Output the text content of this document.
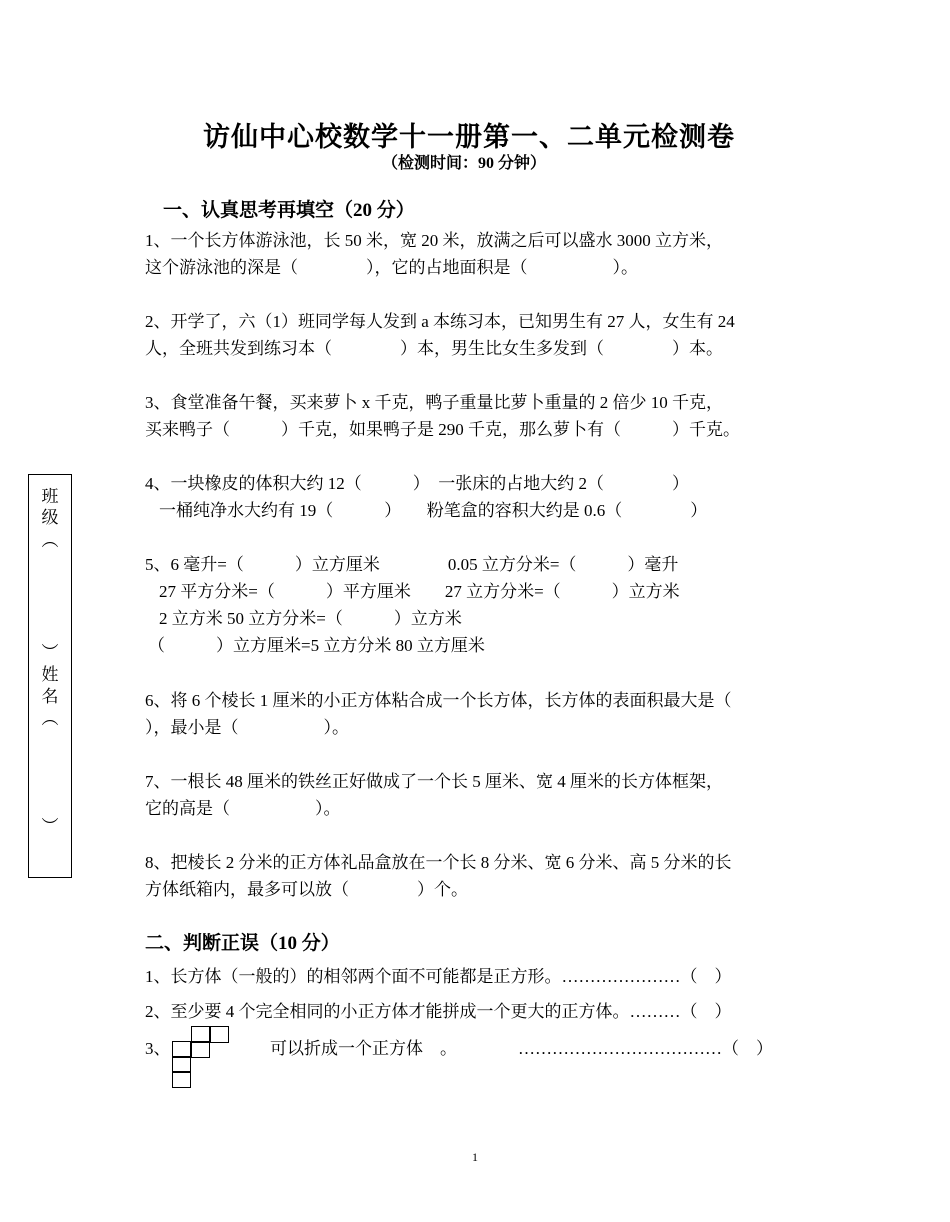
访仙中心校数学十一册第一、二单元检测卷
（检测时间：90 分钟）
班
级
︵
︶
姓
名
︵
︶
一、认真思考再填空（20 分）
1、一个长方体游泳池，长 50 米，宽 20 米，放满之后可以盛水 3000 立方米，
这个游泳池的深是（　　　　），它的占地面积是（　　　　　）。
2、开学了，六（1）班同学每人发到 a 本练习本，已知男生有 27 人，女生有 24
人，全班共发到练习本（　　　　）本，男生比女生多发到（　　　　）本。
3、食堂准备午餐，买来萝卜 x 千克，鸭子重量比萝卜重量的 2 倍少 10 千克，
买来鸭子（　　　）千克，如果鸭子是 290 千克，那么萝卜有（　　　）千克。
4、一块橡皮的体积大约 12（　　　）　一张床的占地大约 2（　　　　）
一桶纯净水大约有 19（　　　）　　粉笔盒的容积大约是 0.6（　　　　）
5、6 毫升=（　　　）立方厘米　　　　0.05 立方分米=（　　　）毫升
27 平方分米=（　　　）平方厘米　　27 立方分米=（　　　）立方米
2 立方米 50 立方分米=（　　　）立方米
（　　　）立方厘米=5 立方分米 80 立方厘米
6、将 6 个棱长 1 厘米的小正方体粘合成一个长方体，长方体的表面积最大是（
），最小是（　　　　　）。
7、一根长 48 厘米的铁丝正好做成了一个长 5 厘米、宽 4 厘米的长方体框架，
它的高是（　　　　　）。
8、把棱长 2 分米的正方体礼品盒放在一个长 8 分米、宽 6 分米、高 5 分米的长
方体纸箱内，最多可以放（　　　　）个。
二、判断正误（10 分）
1、长方体（一般的）的相邻两个面不可能都是正方形。…………………（　）
2、至少要 4 个完全相同的小正方体才能拼成一个更大的正方体。………（　）
3、	可以折成一个正方体　。	………………………………（　）
1
